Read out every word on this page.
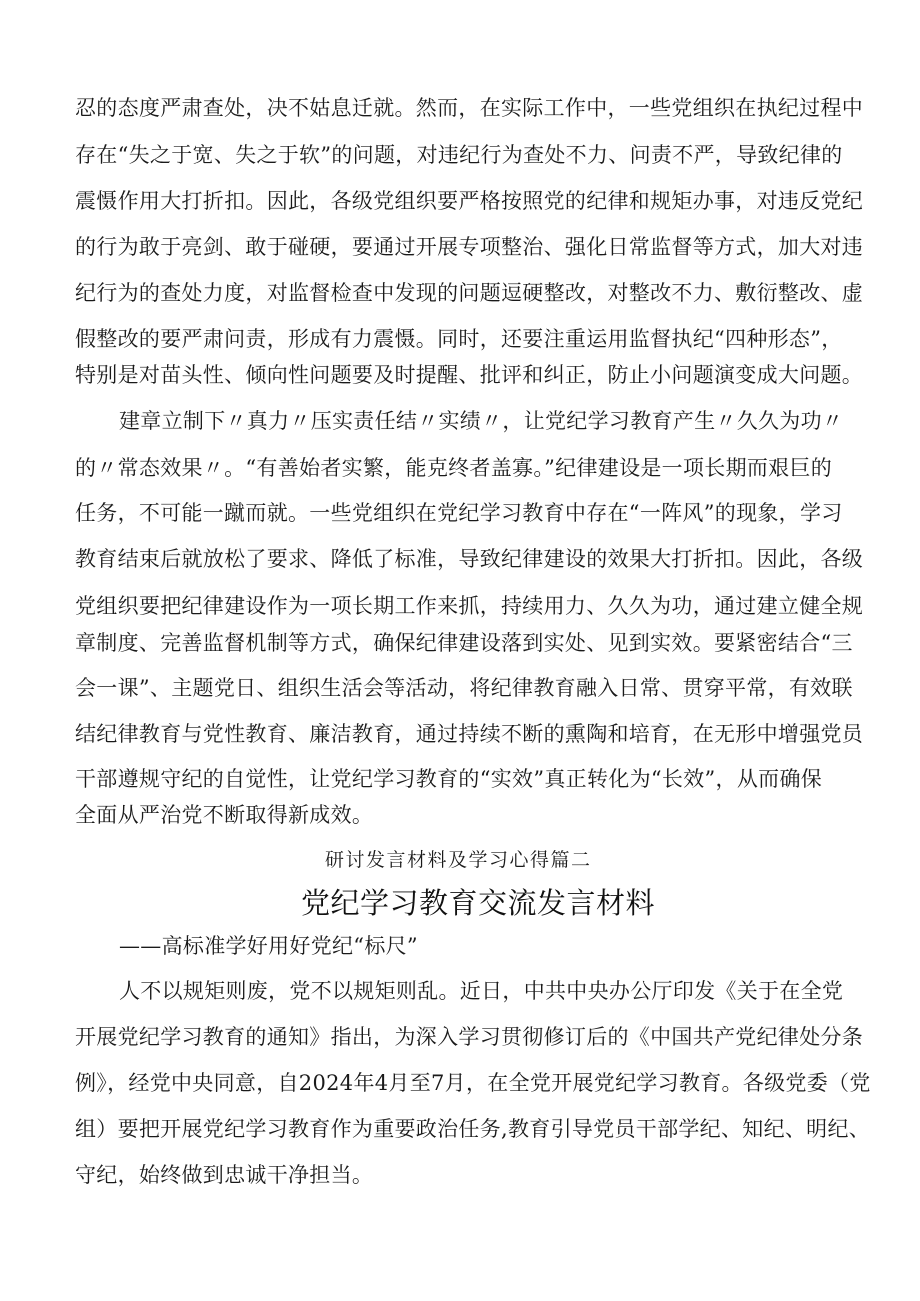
忍的态度严肃查处，决不姑息迁就。然而，在实际工作中，一些党组织在执纪过程中
存在“失之于宽、失之于软”的问题，对违纪行为查处不力、问责不严，导致纪律的
震慑作用大打折扣。因此，各级党组织要严格按照党的纪律和规矩办事，对违反党纪
的行为敢于亮剑、敢于碰硬，要通过开展专项整治、强化日常监督等方式，加大对违
纪行为的查处力度，对监督检查中发现的问题逗硬整改，对整改不力、敷衍整改、虚
假整改的要严肃问责，形成有力震慑。同时，还要注重运用监督执纪“四种形态”，
特别是对苗头性、倾向性问题要及时提醒、批评和纠正，防止小问题演变成大问题。
建章立制下〃真力〃压实责任结〃实绩〃，让党纪学习教育产生〃久久为功〃
的〃常态效果〃。“有善始者实繁，能克终者盖寡。”纪律建设是一项长期而艰巨的
任务，不可能一蹴而就。一些党组织在党纪学习教育中存在“一阵风”的现象，学习
教育结束后就放松了要求、降低了标准，导致纪律建设的效果大打折扣。因此，各级
党组织要把纪律建设作为一项长期工作来抓，持续用力、久久为功，通过建立健全规
章制度、完善监督机制等方式，确保纪律建设落到实处、见到实效。要紧密结合“三
会一课”、主题党日、组织生活会等活动，将纪律教育融入日常、贯穿平常，有效联
结纪律教育与党性教育、廉洁教育，通过持续不断的熏陶和培育，在无形中增强党员
干部遵规守纪的自觉性，让党纪学习教育的“实效”真正转化为“长效”，从而确保
全面从严治党不断取得新成效。
研讨发言材料及学习心得篇二
党纪学习教育交流发言材料
——高标准学好用好党纪“标尺”
人不以规矩则废，党不以规矩则乱。近日，中共中央办公厅印发《关于在全党
开展党纪学习教育的通知》指出，为深入学习贯彻修订后的《中国共产党纪律处分条
例》，经党中央同意，自2024年4月至7月，在全党开展党纪学习教育。各级党委（党
组）要把开展党纪学习教育作为重要政治任务,教育引导党员干部学纪、知纪、明纪、
守纪，始终做到忠诚干净担当。
